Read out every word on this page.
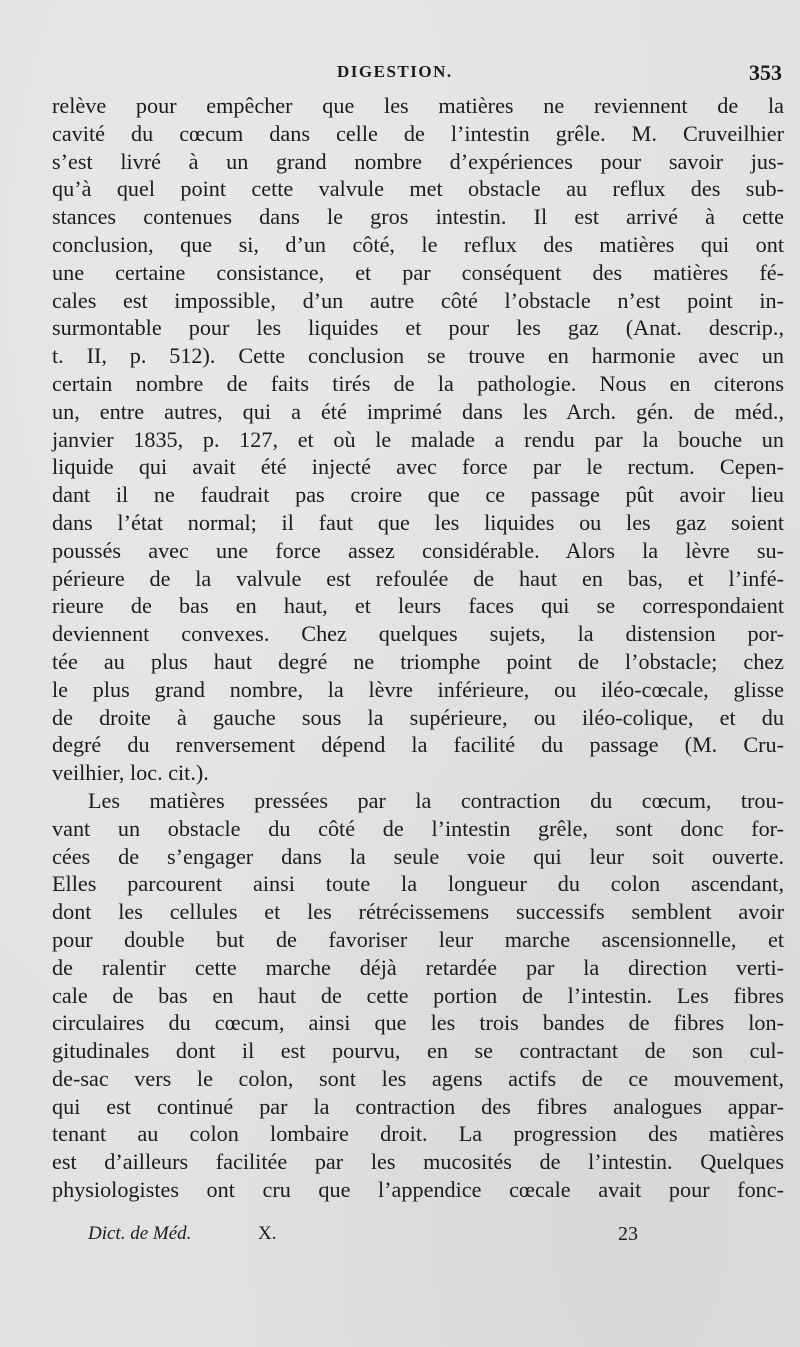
DIGESTION.	353
relève pour empêcher que les matières ne reviennent de la
cavité du cœcum dans celle de l’intestin grêle. M. Cruveilhier
s’est livré à un grand nombre d’expériences pour savoir jus-
qu’à quel point cette valvule met obstacle au reflux des sub-
stances contenues dans le gros intestin. Il est arrivé à cette
conclusion, que si, d’un côté, le reflux des matières qui ont
une certaine consistance, et par conséquent des matières fé-
cales est impossible, d’un autre côté l’obstacle n’est point in-
surmontable pour les liquides et pour les gaz (Anat. descrip.,
t. II, p. 512). Cette conclusion se trouve en harmonie avec un
certain nombre de faits tirés de la pathologie. Nous en citerons
un, entre autres, qui a été imprimé dans les Arch. gén. de méd.,
janvier 1835, p. 127, et où le malade a rendu par la bouche un
liquide qui avait été injecté avec force par le rectum. Cepen-
dant il ne faudrait pas croire que ce passage pût avoir lieu
dans l’état normal; il faut que les liquides ou les gaz soient
poussés avec une force assez considérable. Alors la lèvre su-
périeure de la valvule est refoulée de haut en bas, et l’infé-
rieure de bas en haut, et leurs faces qui se correspondaient
deviennent convexes. Chez quelques sujets, la distension por-
tée au plus haut degré ne triomphe point de l’obstacle; chez
le plus grand nombre, la lèvre inférieure, ou iléo-cœcale, glisse
de droite à gauche sous la supérieure, ou iléo-colique, et du
degré du renversement dépend la facilité du passage (M. Cru-
veilhier, loc. cit.).
Les matières pressées par la contraction du cœcum, trou-
vant un obstacle du côté de l’intestin grêle, sont donc for-
cées de s’engager dans la seule voie qui leur soit ouverte.
Elles parcourent ainsi toute la longueur du colon ascendant,
dont les cellules et les rétrécissemens successifs semblent avoir
pour double but de favoriser leur marche ascensionnelle, et
de ralentir cette marche déjà retardée par la direction verti-
cale de bas en haut de cette portion de l’intestin. Les fibres
circulaires du cœcum, ainsi que les trois bandes de fibres lon-
gitudinales dont il est pourvu, en se contractant de son cul-
de-sac vers le colon, sont les agens actifs de ce mouvement,
qui est continué par la contraction des fibres analogues appar-
tenant au colon lombaire droit. La progression des matières
est d’ailleurs facilitée par les mucosités de l’intestin. Quelques
physiologistes ont cru que l’appendice cœcale avait pour fonc-
Dict. de Méd.	X.	23
